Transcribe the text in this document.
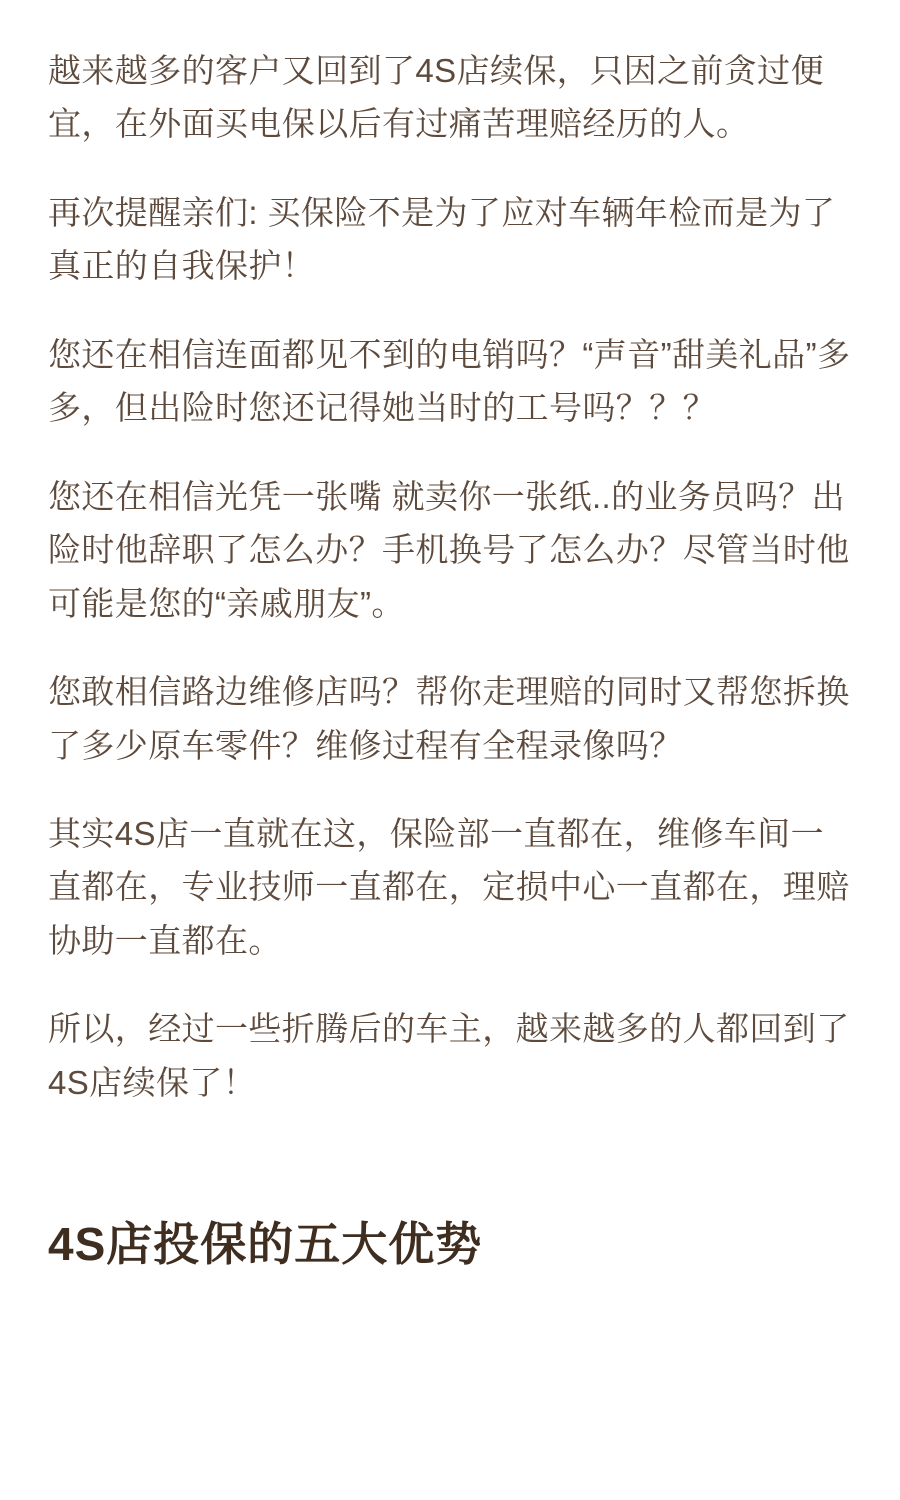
越来越多的客户又回到了4S店续保，只因之前贪过便宜，在外面买电保以后有过痛苦理赔经历的人。

再次提醒亲们: 买保险不是为了应对车辆年检而是为了真正的自我保护！

您还在相信连面都见不到的电销吗？“声音”甜美礼品”多多，但出险时您还记得她当时的工号吗？？？

您还在相信光凭一张嘴 就卖你一张纸..的业务员吗？出险时他辞职了怎么办？手机换号了怎么办？尽管当时他可能是您的“亲戚朋友”。

您敢相信路边维修店吗？帮你走理赔的同时又帮您拆换了多少原车零件？维修过程有全程录像吗？

其实4S店一直就在这，保险部一直都在，维修车间一直都在，专业技师一直都在，定损中心一直都在，理赔协助一直都在。

所以，经过一些折腾后的车主，越来越多的人都回到了4S店续保了！

4S店投保的五大优势
